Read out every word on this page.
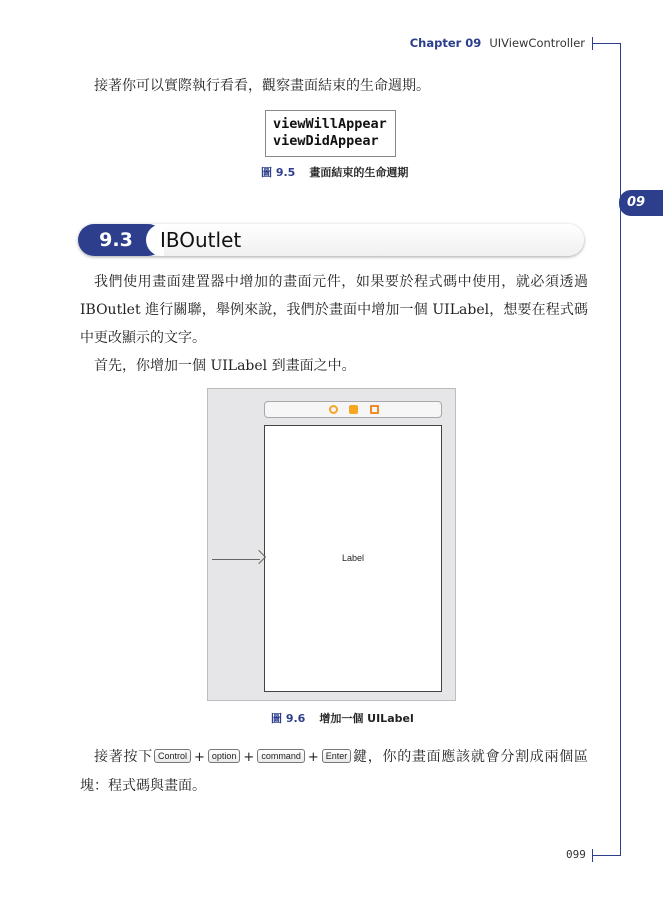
Chapter 09 UIViewController
09
接著你可以實際執行看看，觀察畫面結束的生命週期。
viewWillAppear
viewDidAppear
圖 9.5 畫面結束的生命週期
9.3	IBOutlet
我們使用畫面建置器中增加的畫面元件，如果要於程式碼中使用，就必須透過 IBOutlet 進行關聯，舉例來說，我們於畫面中增加一個 UILabel，想要在程式碼中更改顯示的文字。
首先，你增加一個 UILabel 到畫面之中。
Label
圖 9.6 增加一個 UILabel
接著按下 Control + option + command + Enter 鍵，你的畫面應該就會分割成兩個區塊：程式碼與畫面。
099
